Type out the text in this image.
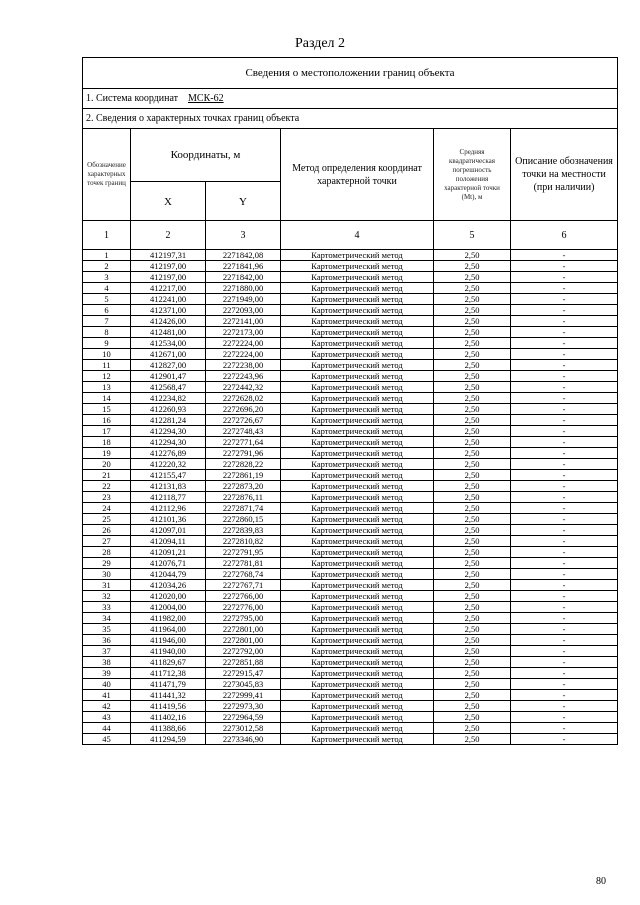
Раздел 2
Сведения о местоположении границ объекта					
1. Система координат МСК-62					
2. Сведения о характерных точках границ объекта					

Обозначение характерных точек границ	Координаты, м		Метод определения координат характерной точки	Средняя квадратическая погрешность положения характерной точки (Mt), м	Описание обозначения точки на местности (при наличии)

	X	Y			
1	2	3	4	5	6
1	412197,31	2271842,08	Картометрический метод	2,50	-
2	412197,00	2271841,96	Картометрический метод	2,50	-
3	412197,00	2271842,00	Картометрический метод	2,50	-
4	412217,00	2271880,00	Картометрический метод	2,50	-
5	412241,00	2271949,00	Картометрический метод	2,50	-
6	412371,00	2272093,00	Картометрический метод	2,50	-
7	412426,00	2272141,00	Картометрический метод	2,50	-
8	412481,00	2272173,00	Картометрический метод	2,50	-
9	412534,00	2272224,00	Картометрический метод	2,50	-
10	412671,00	2272224,00	Картометрический метод	2,50	-
11	412827,00	2272238,00	Картометрический метод	2,50	-
12	412901,47	2272243,96	Картометрический метод	2,50	-
13	412568,47	2272442,32	Картометрический метод	2,50	-
14	412234,82	2272628,02	Картометрический метод	2,50	-
15	412260,93	2272696,20	Картометрический метод	2,50	-
16	412281,24	2272726,67	Картометрический метод	2,50	-
17	412294,30	2272748,43	Картометрический метод	2,50	-
18	412294,30	2272771,64	Картометрический метод	2,50	-
19	412276,89	2272791,96	Картометрический метод	2,50	-
20	412220,32	2272828,22	Картометрический метод	2,50	-
21	412155,47	2272861,19	Картометрический метод	2,50	-
22	412131,83	2272873,20	Картометрический метод	2,50	-
23	412118,77	2272876,11	Картометрический метод	2,50	-
24	412112,96	2272871,74	Картометрический метод	2,50	-
25	412101,36	2272860,15	Картометрический метод	2,50	-
26	412097,01	2272839,83	Картометрический метод	2,50	-
27	412094,11	2272810,82	Картометрический метод	2,50	-
28	412091,21	2272791,95	Картометрический метод	2,50	-
29	412076,71	2272781,81	Картометрический метод	2,50	-
30	412044,79	2272768,74	Картометрический метод	2,50	-
31	412034,26	2272767,71	Картометрический метод	2,50	-
32	412020,00	2272766,00	Картометрический метод	2,50	-
33	412004,00	2272776,00	Картометрический метод	2,50	-
34	411982,00	2272795,00	Картометрический метод	2,50	-
35	411964,00	2272801,00	Картометрический метод	2,50	-
36	411946,00	2272801,00	Картометрический метод	2,50	-
37	411940,00	2272792,00	Картометрический метод	2,50	-
38	411829,67	2272851,88	Картометрический метод	2,50	-
39	411712,38	2272915,47	Картометрический метод	2,50	-
40	411471,79	2273045,83	Картометрический метод	2,50	-
41	411441,32	2272999,41	Картометрический метод	2,50	-
42	411419,56	2272973,30	Картометрический метод	2,50	-
43	411402,16	2272964,59	Картометрический метод	2,50	-
44	411388,66	2273012,58	Картометрический метод	2,50	-
45	411294,59	2273346,90	Картометрический метод	2,50	-
80
